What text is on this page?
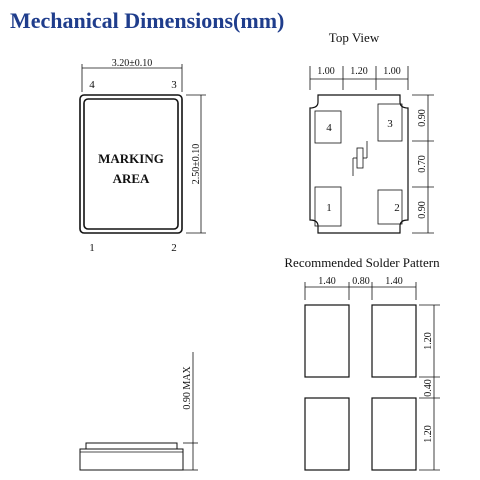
Mechanical Dimensions(mm)
3.20±0.10
2.50±0.10
4	3
1	2
MARKING
AREA
0.90 MAX
Top View
1.00 1.20 1.00
4	3
1	2
0.90
0.70
0.90
Recommended Solder Pattern
1.40 0.80 1.40
1.20
0.40
1.20
